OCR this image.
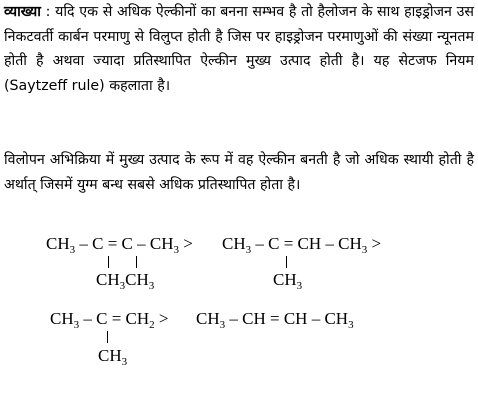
व्याख्या : यदि एक से अधिक ऐल्कीनों का बनना सम्भव है तो हैलोजन के साथ हाइड्रोजन उस निकटवर्ती कार्बन परमाणु से विलुप्त होती है जिस पर हाइड्रोजन परमाणुओं की संख्या न्यूनतम होती है अथवा ज्यादा प्रतिस्थापित ऐल्कीन मुख्य उत्पाद होती है। यह सेटजफ नियम (Saytzeff rule) कहलाता है।

विलोपन अभिक्रिया में मुख्य उत्पाद के रूप में वह ऐल्कीन बनती है जो अधिक स्थायी होती है अर्थात् जिसमें युग्म बन्ध सबसे अधिक प्रतिस्थापित होता है।

$CH_3 - C = C - CH_3$ >
$CH_3CH_3$
$CH_3$ – C = CH – $CH_3$ >
$CH_3$
$CH_3 - C = CH_2$ >
$CH_3$
$CH_3$ – CH = CH – $CH_3$
